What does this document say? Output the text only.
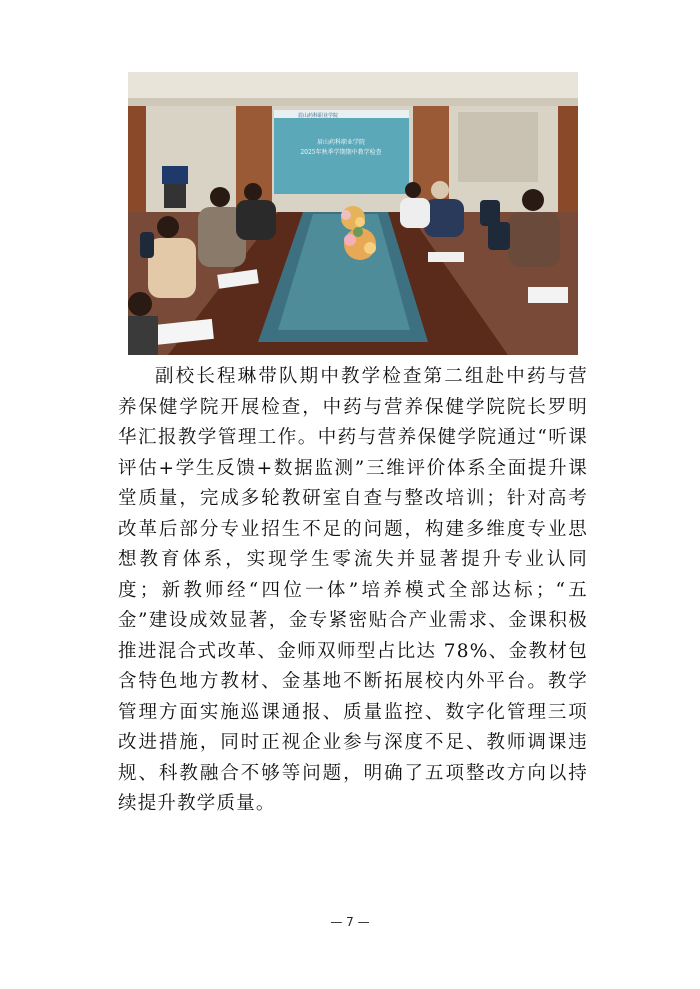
眉山药科职业学院
眉山药科职业学院
2025年秋季学期期中教学检查

副校长程琳带队期中教学检查第二组赴中药与营养保健学院开展检查，中药与营养保健学院院长罗明华汇报教学管理工作。中药与营养保健学院通过“听课评估+学生反馈+数据监测”三维评价体系全面提升课堂质量，完成多轮教研室自查与整改培训；针对高考改革后部分专业招生不足的问题，构建多维度专业思想教育体系，实现学生零流失并显著提升专业认同度；新教师经“四位一体”培养模式全部达标；“五金”建设成效显著，金专紧密贴合产业需求、金课积极推进混合式改革、金师双师型占比达 78%、金教材包含特色地方教材、金基地不断拓展校内外平台。教学管理方面实施巡课通报、质量监控、数字化管理三项改进措施，同时正视企业参与深度不足、教师调课违规、科教融合不够等问题，明确了五项整改方向以持续提升教学质量。

— 7 —
